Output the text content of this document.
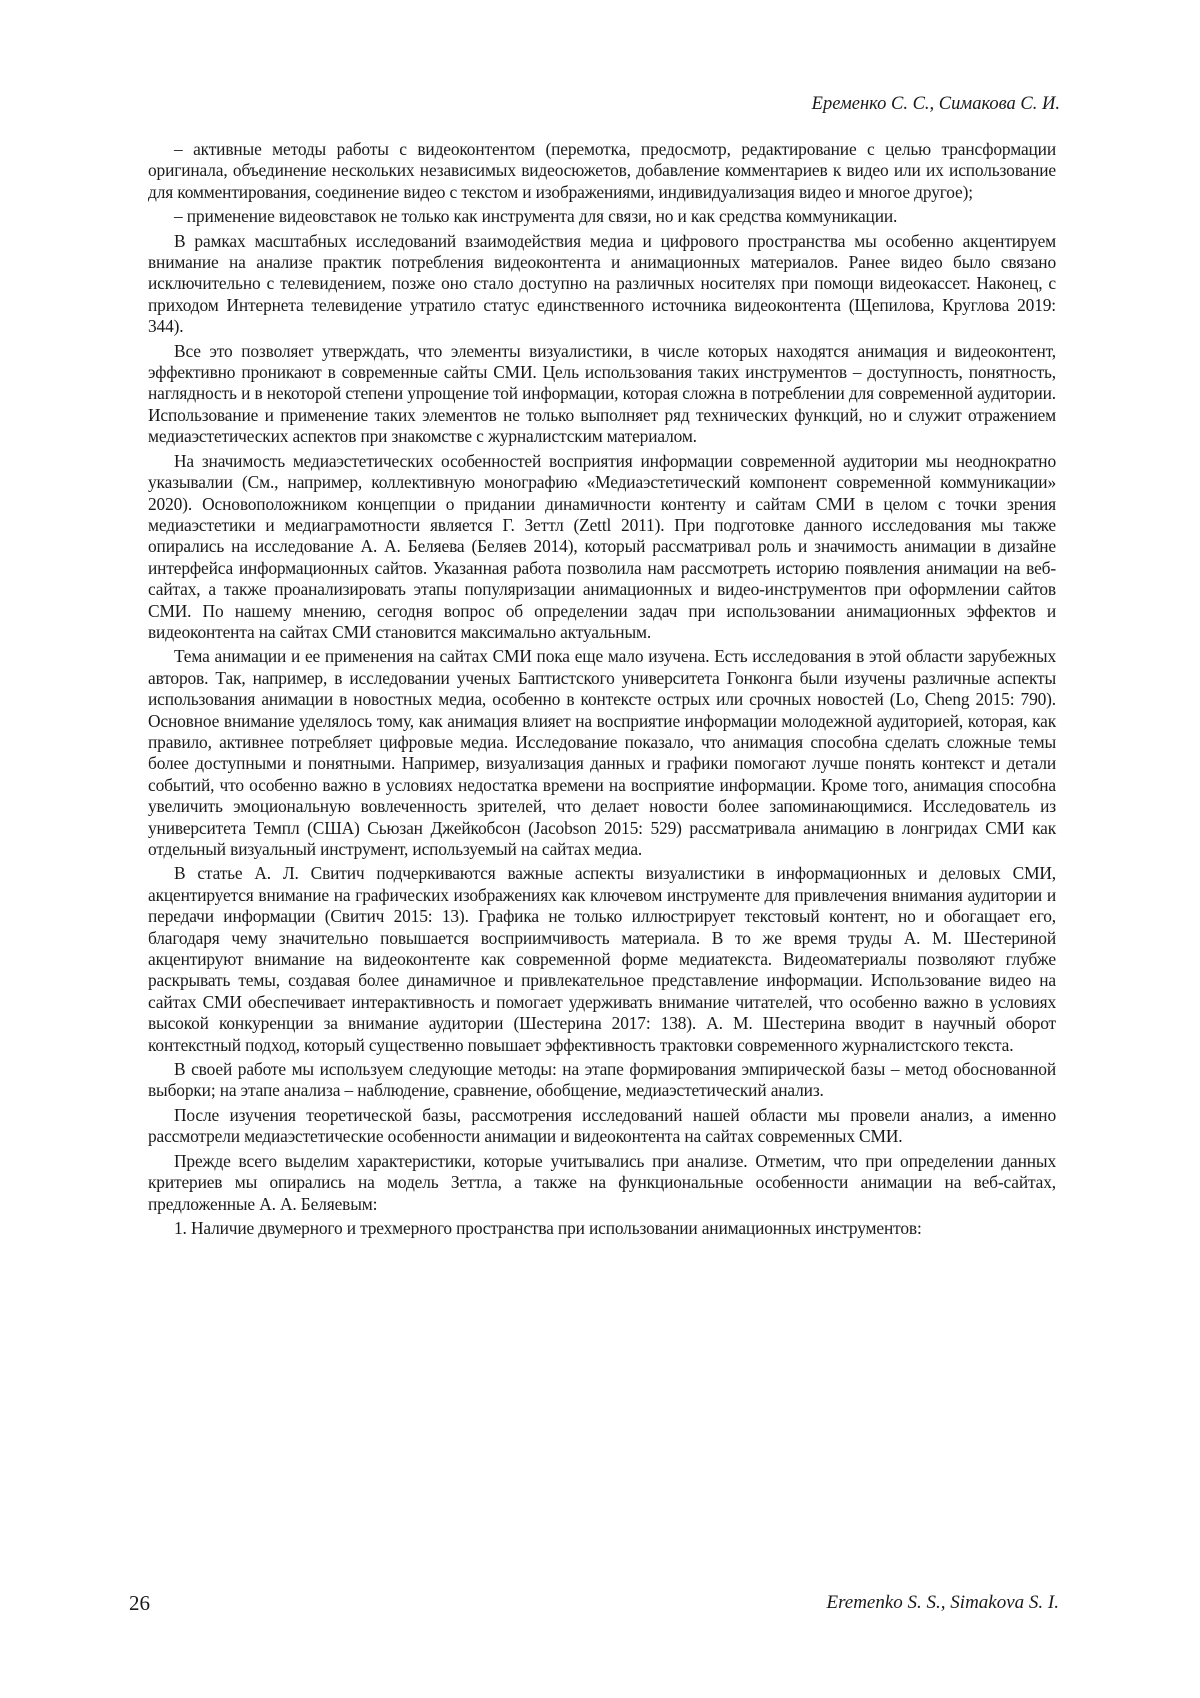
Еременко С. С., Симакова С. И.

– активные методы работы с видеоконтентом (перемотка, предосмотр, редактирование с целью трансформации оригинала, объединение нескольких независимых видеосюжетов, добавление комментариев к видео или их использование для комментирования, соединение видео с текстом и изображениями, индивидуализация видео и многое другое);

– применение видеовставок не только как инструмента для связи, но и как средства коммуникации.

В рамках масштабных исследований взаимодействия медиа и цифрового пространства мы особенно акцентируем внимание на анализе практик потребления видеоконтента и анимационных материалов. Ранее видео было связано исключительно с телевидением, позже оно стало доступно на различных носителях при помощи видеокассет. Наконец, с приходом Интернета телевидение утратило статус единственного источника видеоконтента (Щепилова, Круглова 2019: 344).

Все это позволяет утверждать, что элементы визуалистики, в числе которых находятся анимация и видеоконтент, эффективно проникают в современные сайты СМИ. Цель использования таких инструментов – доступность, понятность, наглядность и в некоторой степени упрощение той информации, которая сложна в потреблении для современной аудитории. Использование и применение таких элементов не только выполняет ряд технических функций, но и служит отражением медиаэстетических аспектов при знакомстве с журналистским материалом.

На значимость медиаэстетических особенностей восприятия информации современной аудитории мы неоднократно указывалии (См., например, коллективную монографию «Медиаэстетический компонент современной коммуникации» 2020). Основоположником концепции о придании динамичности контенту и сайтам СМИ в целом с точки зрения медиаэстетики и медиаграмотности является Г. Зеттл (Zettl 2011). При подготовке данного исследования мы также опирались на исследование А. А. Беляева (Беляев 2014), который рассматривал роль и значимость анимации в дизайне интерфейса информационных сайтов. Указанная работа позволила нам рассмотреть историю появления анимации на веб-сайтах, а также проанализировать этапы популяризации анимационных и видео-инструментов при оформлении сайтов СМИ. По нашему мнению, сегодня вопрос об определении задач при использовании анимационных эффектов и видеоконтента на сайтах СМИ становится максимально актуальным.

Тема анимации и ее применения на сайтах СМИ пока еще мало изучена. Есть исследования в этой области зарубежных авторов. Так, например, в исследовании ученых Баптистского университета Гонконга были изучены различные аспекты использования анимации в новостных медиа, особенно в контексте острых или срочных новостей (Lo, Cheng 2015: 790). Основное внимание уделялось тому, как анимация влияет на восприятие информации молодежной аудиторией, которая, как правило, активнее потребляет цифровые медиа. Исследование показало, что анимация способна сделать сложные темы более доступными и понятными. Например, визуализация данных и графики помогают лучше понять контекст и детали событий, что особенно важно в условиях недостатка времени на восприятие информации. Кроме того, анимация способна увеличить эмоциональную вовлеченность зрителей, что делает новости более запоминающимися. Исследователь из университета Темпл (США) Сьюзан Джейкобсон (Jacobson 2015: 529) рассматривала анимацию в лонгридах СМИ как отдельный визуальный инструмент, используемый на сайтах медиа.

В статье А. Л. Свитич подчеркиваются важные аспекты визуалистики в информационных и деловых СМИ, акцентируется внимание на графических изображениях как ключевом инструменте для привлечения внимания аудитории и передачи информации (Свитич 2015: 13). Графика не только иллюстрирует текстовый контент, но и обогащает его, благодаря чему значительно повышается восприимчивость материала. В то же время труды А. М. Шестериной акцентируют внимание на видеоконтенте как современной форме медиатекста. Видеоматериалы позволяют глубже раскрывать темы, создавая более динамичное и привлекательное представление информации. Использование видео на сайтах СМИ обеспечивает интерактивность и помогает удерживать внимание читателей, что особенно важно в условиях высокой конкуренции за внимание аудитории (Шестерина 2017: 138). А. М. Шестерина вводит в научный оборот контекстный подход, который существенно повышает эффективность трактовки современного журналистского текста.

В своей работе мы используем следующие методы: на этапе формирования эмпирической базы – метод обоснованной выборки; на этапе анализа – наблюдение, сравнение, обобщение, медиаэстетический анализ.

После изучения теоретической базы, рассмотрения исследований нашей области мы провели анализ, а именно рассмотрели медиаэстетические особенности анимации и видеоконтента на сайтах современных СМИ.

Прежде всего выделим характеристики, которые учитывались при анализе. Отметим, что при определении данных критериев мы опирались на модель Зеттла, а также на функциональные особенности анимации на веб-сайтах, предложенные А. А. Беляевым:

1. Наличие двумерного и трехмерного пространства при использовании анимационных инструментов:

26	Eremenko S. S., Simakova S. I.
